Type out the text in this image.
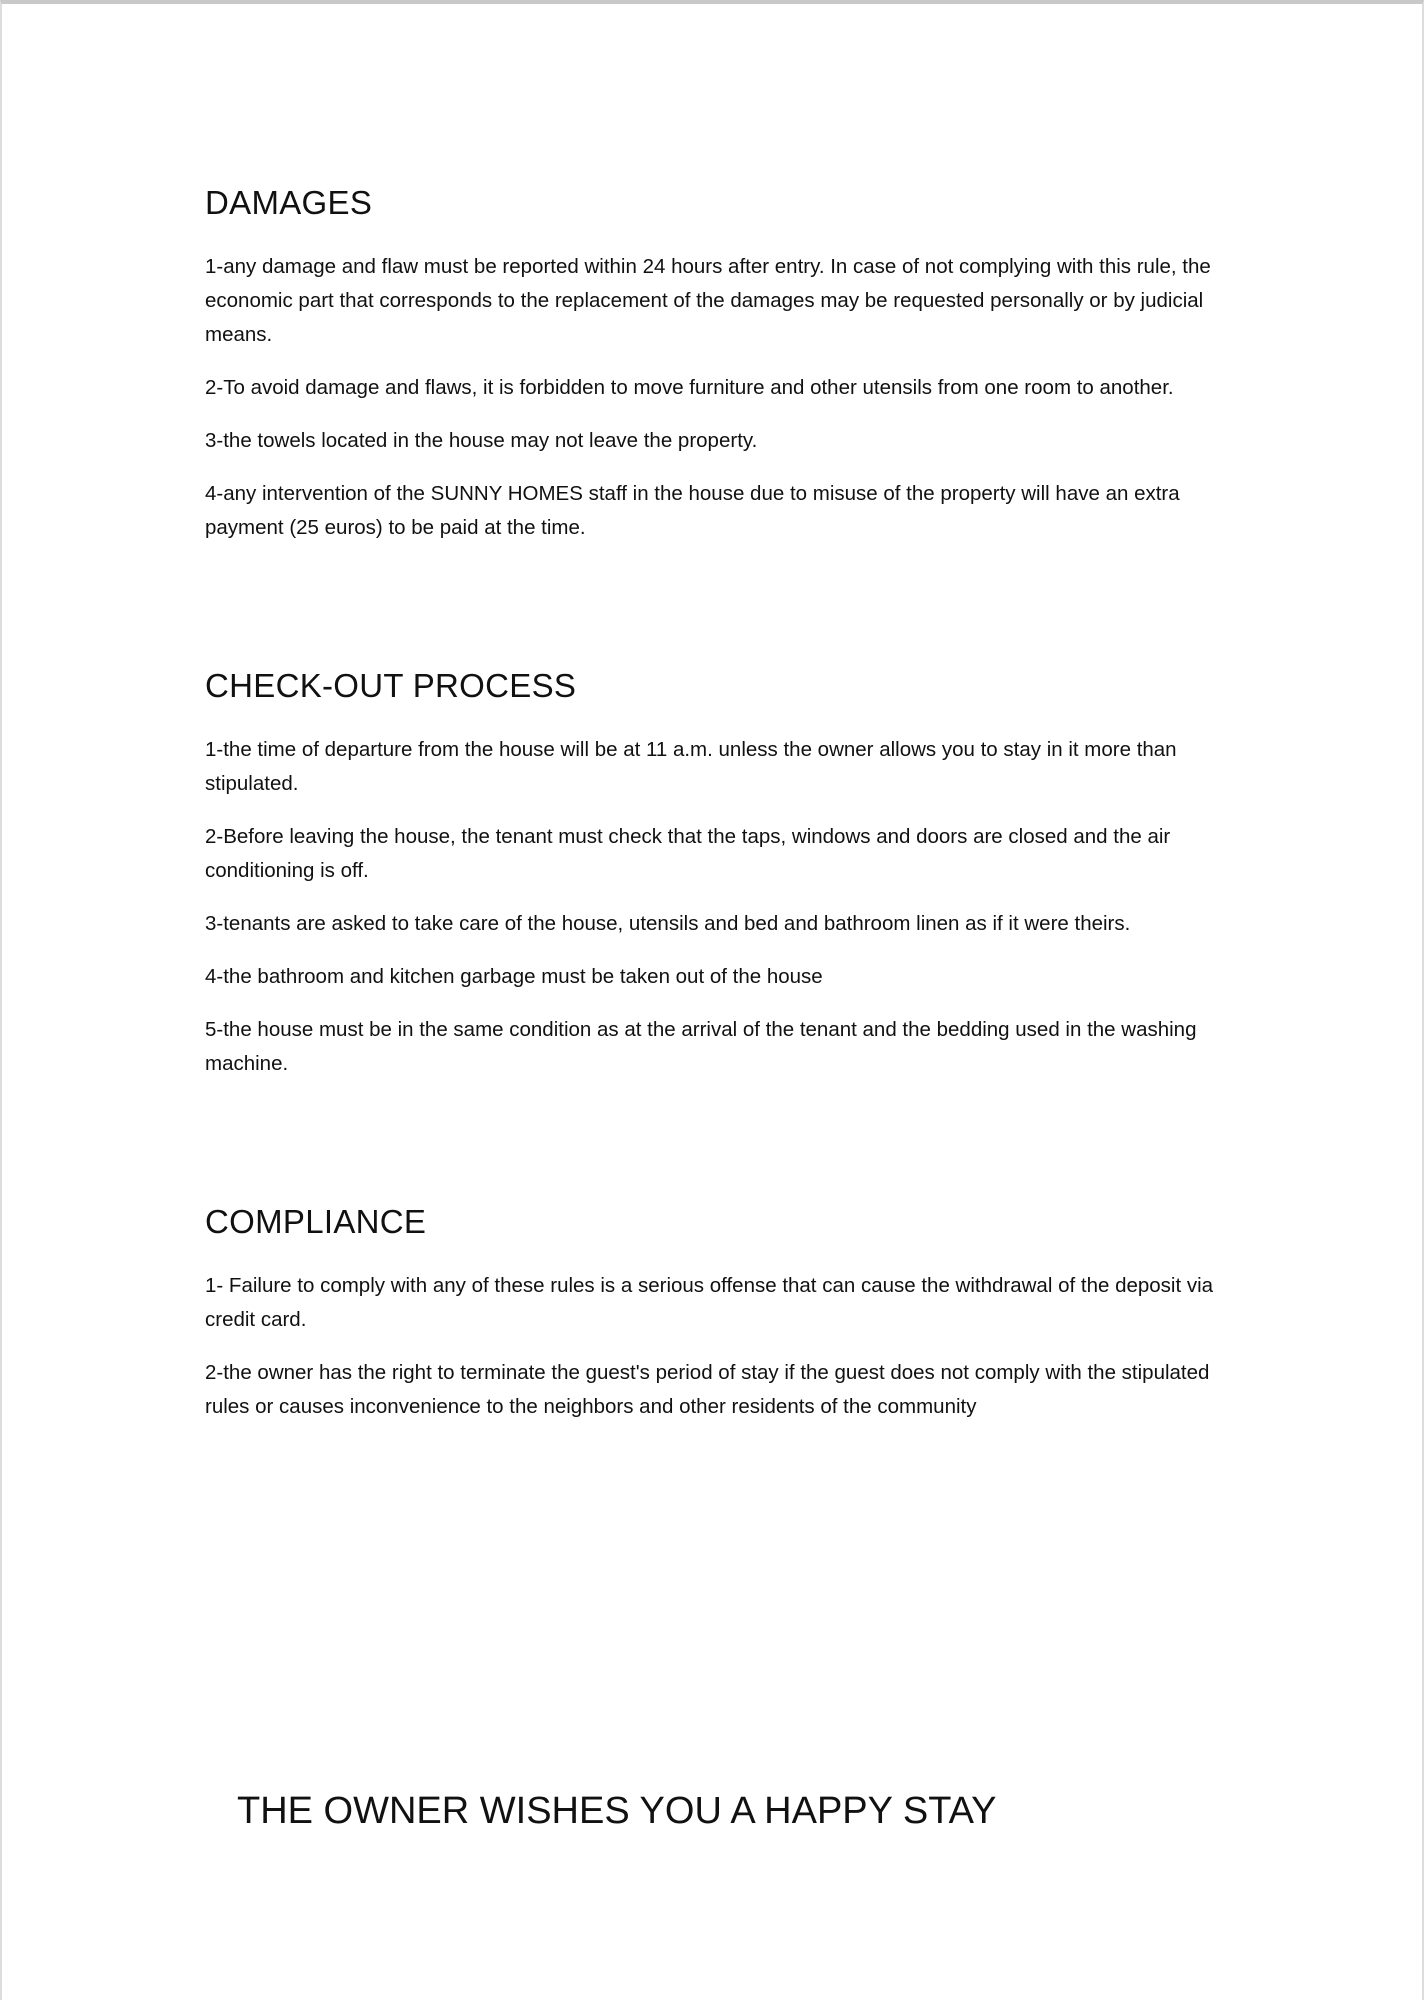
DAMAGES

1-any damage and flaw must be reported within 24 hours after entry. In case of not complying with this rule, the economic part that corresponds to the replacement of the damages may be requested personally or by judicial means.

2-To avoid damage and flaws, it is forbidden to move furniture and other utensils from one room to another.

3-the towels located in the house may not leave the property.

4-any intervention of the SUNNY HOMES staff in the house due to misuse of the property will have an extra payment (25 euros) to be paid at the time.

CHECK-OUT PROCESS

1-the time of departure from the house will be at 11 a.m. unless the owner allows you to stay in it more than stipulated.

2-Before leaving the house, the tenant must check that the taps, windows and doors are closed and the air conditioning is off.

3-tenants are asked to take care of the house, utensils and bed and bathroom linen as if it were theirs.

4-the bathroom and kitchen garbage must be taken out of the house

5-the house must be in the same condition as at the arrival of the tenant and the bedding used in the washing machine.

COMPLIANCE

1- Failure to comply with any of these rules is a serious offense that can cause the withdrawal of the deposit via credit card.

2-the owner has the right to terminate the guest's period of stay if the guest does not comply with the stipulated rules or causes inconvenience to the neighbors and other residents of the community

THE OWNER WISHES YOU A HAPPY STAY
